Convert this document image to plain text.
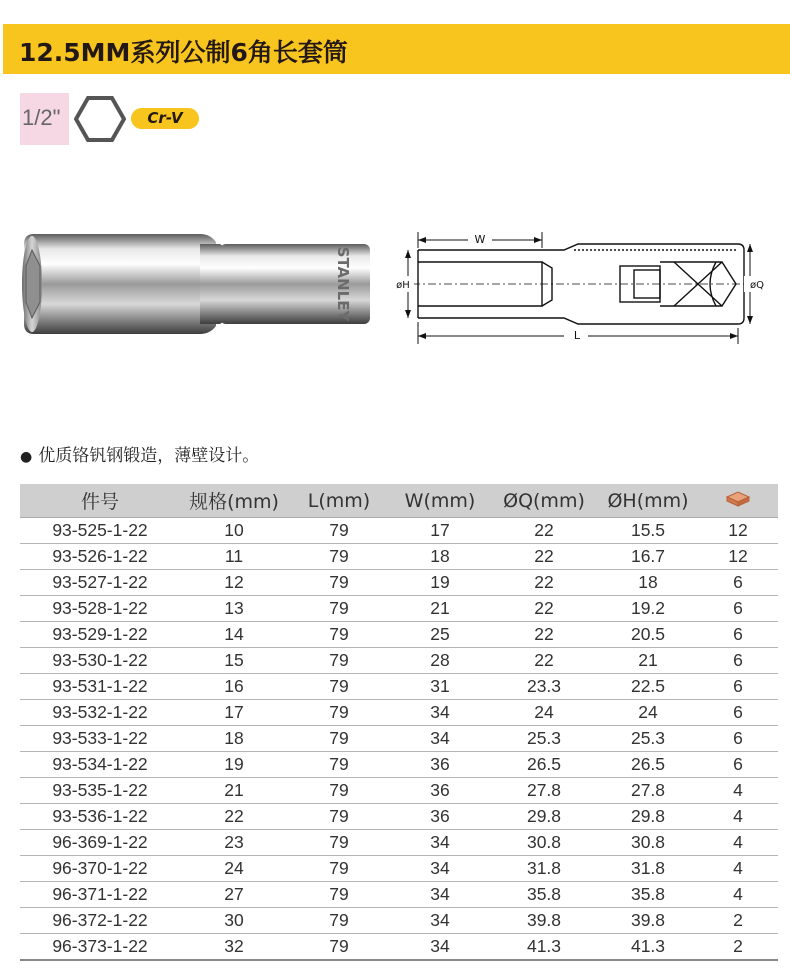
12.5MM系列公制6角长套筒
1/2"	Cr-V
STANLEY
W
L
øH	øQ
● 优质铬钒钢锻造，薄壁设计。
件号	规格(mm)	L(mm)	W(mm)	ØQ(mm)	ØH(mm)	
93-525-1-22	10	79	17	22	15.5	12
93-526-1-22	11	79	18	22	16.7	12
93-527-1-22	12	79	19	22	18	6
93-528-1-22	13	79	21	22	19.2	6
93-529-1-22	14	79	25	22	20.5	6
93-530-1-22	15	79	28	22	21	6
93-531-1-22	16	79	31	23.3	22.5	6
93-532-1-22	17	79	34	24	24	6
93-533-1-22	18	79	34	25.3	25.3	6
93-534-1-22	19	79	36	26.5	26.5	6
93-535-1-22	21	79	36	27.8	27.8	4
93-536-1-22	22	79	36	29.8	29.8	4
96-369-1-22	23	79	34	30.8	30.8	4
96-370-1-22	24	79	34	31.8	31.8	4
96-371-1-22	27	79	34	35.8	35.8	4
96-372-1-22	30	79	34	39.8	39.8	2
96-373-1-22	32	79	34	41.3	41.3	2
